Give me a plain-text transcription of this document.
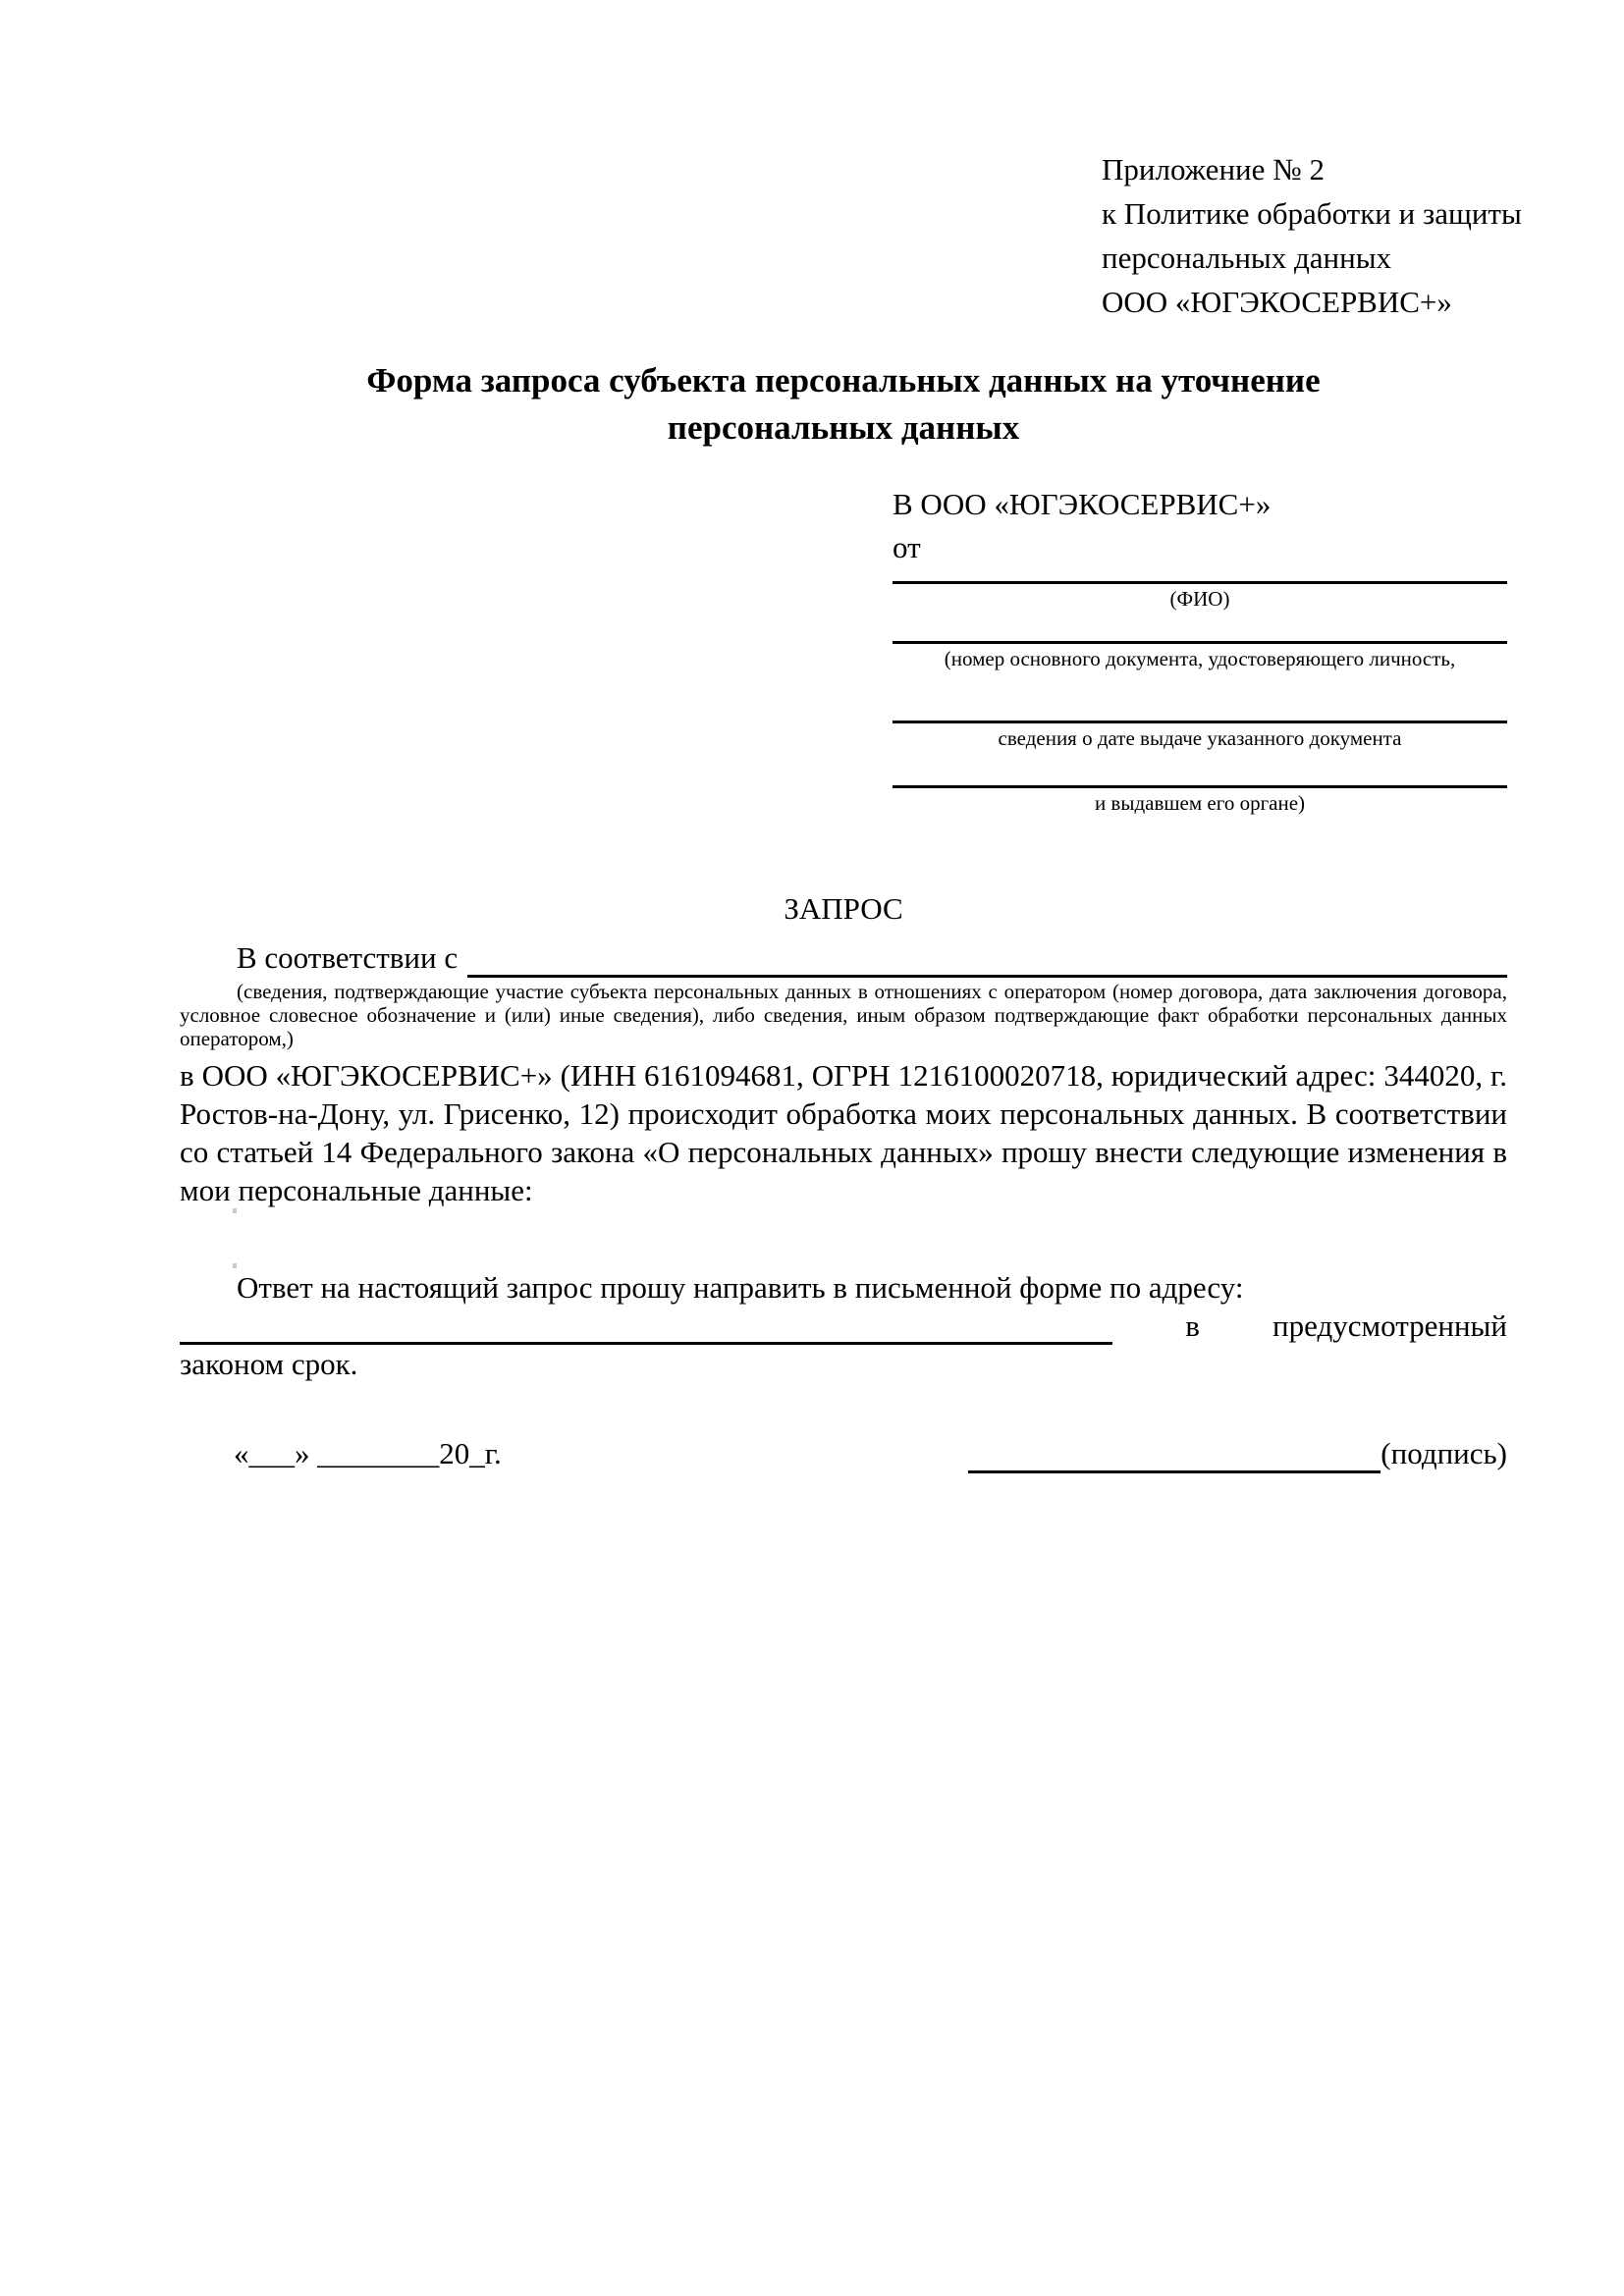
Приложение № 2
к Политике обработки и защиты
персональных данных
ООО «ЮГЭКОСЕРВИС+»
Форма запроса субъекта персональных данных на уточнение персональных данных
В ООО «ЮГЭКОСЕРВИС+»
от
(ФИО)
(номер основного документа, удостоверяющего личность,
сведения о дате выдаче указанного документа
и выдавшем его органе)
ЗАПРОС
В соответствии с
(сведения, подтверждающие участие субъекта персональных данных в отношениях с оператором (номер договора, дата заключения договора, условное словесное обозначение и (или) иные сведения), либо сведения, иным образом подтверждающие факт обработки персональных данных оператором,)
в ООО «ЮГЭКОСЕРВИС+» (ИНН 6161094681, ОГРН 1216100020718, юридический адрес: 344020, г. Ростов-на-Дону, ул. Грисенко, 12) происходит обработка моих персональных данных. В соответствии со статьей 14 Федерального закона «О персональных данных» прошу внести следующие изменения в мои персональные данные:
Ответ на настоящий запрос прошу направить в письменной форме по адресу:
в предусмотренный
законом срок.
«___» ________20_г.	(подпись)
